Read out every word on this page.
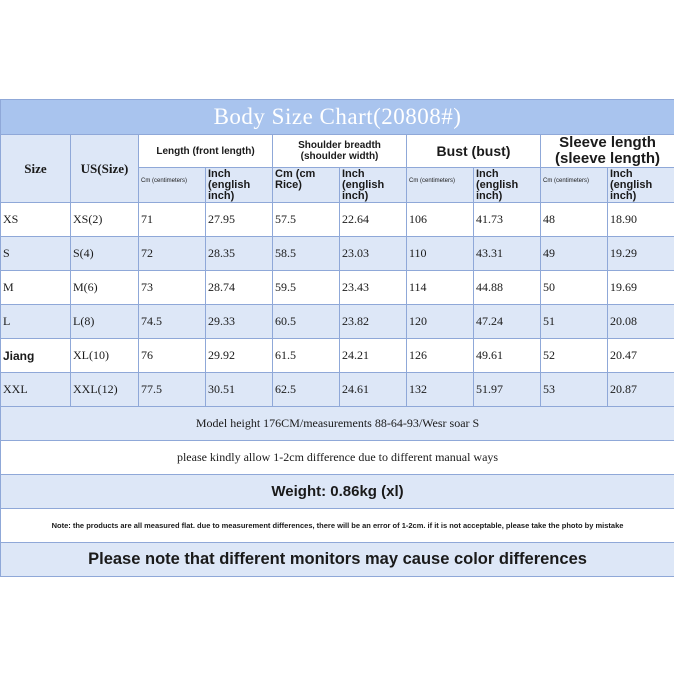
Body Size Chart(20808#)									
Size	US(Size)	Length (front length)		Shoulder breadth (shoulder width)		Bust (bust)		Sleeve length (sleeve length)	

		Cm (centimeters)	Inch (english inch)	Cm (cm Rice)	Inch (english inch)	Cm (centimeters)	Inch (english inch)	Cm (centimeters)	Inch (english inch)

XS	XS(2)	71	27.95	57.5	22.64	106	41.73	48	18.90
S	S(4)	72	28.35	58.5	23.03	110	43.31	49	19.29
M	M(6)	73	28.74	59.5	23.43	114	44.88	50	19.69
L	L(8)	74.5	29.33	60.5	23.82	120	47.24	51	20.08
Jiang	XL(10)	76	29.92	61.5	24.21	126	49.61	52	20.47
XXL	XXL(12)	77.5	30.51	62.5	24.61	132	51.97	53	20.87
Model height 176CM/measurements 88-64-93/Wesr soar S									
please kindly allow 1-2cm difference due to different manual ways									
Weight: 0.86kg (xl)									
Note: the products are all measured flat. due to measurement differences, there will be an error of 1-2cm. if it is not acceptable, please take the photo by mistake									
Please note that different monitors may cause color differences									
